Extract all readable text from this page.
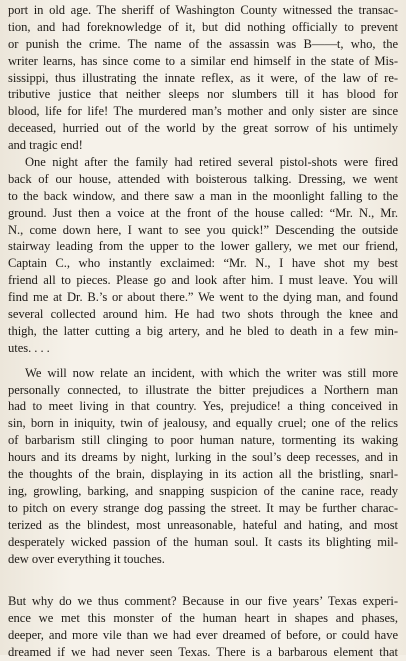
port in old age. The sheriff of Washington County witnessed the transac-
tion, and had foreknowledge of it, but did nothing officially to prevent
or punish the crime. The name of the assassin was B——t, who, the
writer learns, has since come to a similar end himself in the state of Mis-
sissippi, thus illustrating the innate reflex, as it were, of the law of re-
tributive justice that neither sleeps nor slumbers till it has blood for
blood, life for life! The murdered man’s mother and only sister are since
deceased, hurried out of the world by the great sorrow of his untimely
and tragic end!
One night after the family had retired several pistol-shots were fired
back of our house, attended with boisterous talking. Dressing, we went
to the back window, and there saw a man in the moonlight falling to the
ground. Just then a voice at the front of the house called: “Mr. N., Mr.
N., come down here, I want to see you quick!” Descending the outside
stairway leading from the upper to the lower gallery, we met our friend,
Captain C., who instantly exclaimed: “Mr. N., I have shot my best
friend all to pieces. Please go and look after him. I must leave. You will
find me at Dr. B.’s or about there.” We went to the dying man, and found
several collected around him. He had two shots through the knee and
thigh, the latter cutting a big artery, and he bled to death in a few min-
utes. . . .
We will now relate an incident, with which the writer was still more
personally connected, to illustrate the bitter prejudices a Northern man
had to meet living in that country. Yes, prejudice! a thing conceived in
sin, born in iniquity, twin of jealousy, and equally cruel; one of the relics
of barbarism still clinging to poor human nature, tormenting its waking
hours and its dreams by night, lurking in the soul’s deep recesses, and in
the thoughts of the brain, displaying in its action all the bristling, snarl-
ing, growling, barking, and snapping suspicion of the canine race, ready
to pitch on every strange dog passing the street. It may be further charac-
terized as the blindest, most unreasonable, hateful and hating, and most
desperately wicked passion of the human soul. It casts its blighting mil-
dew over everything it touches.
But why do we thus comment? Because in our five years’ Texas experi-
ence we met this monster of the human heart in shapes and phases,
deeper, and more vile than we had ever dreamed of before, or could have
dreamed if we had never seen Texas. There is a barbarous element that
